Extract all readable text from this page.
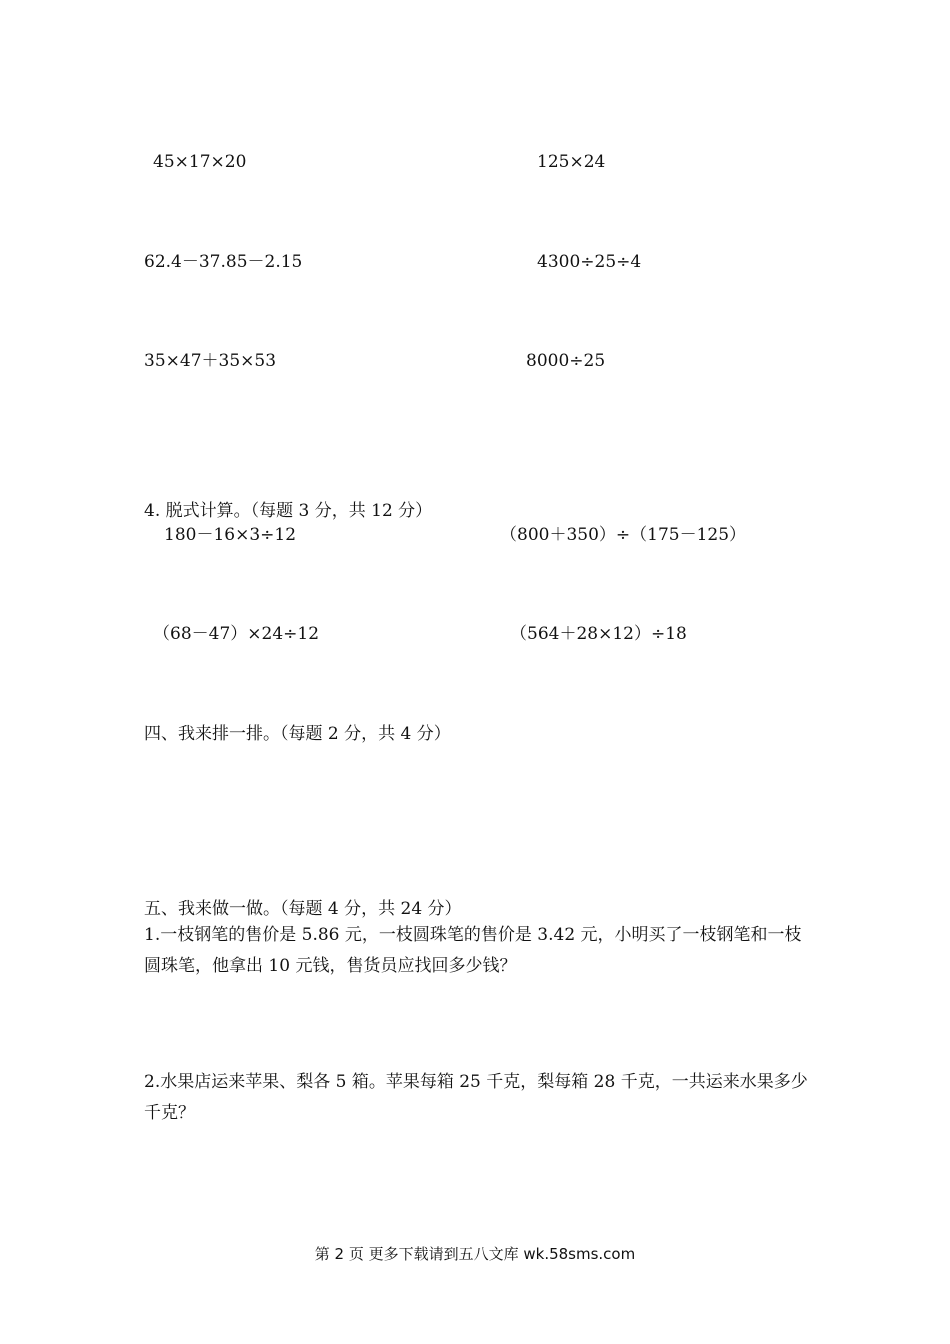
45×17×20	125×24

62.4－37.85－2.15	4300÷25÷4

35×47＋35×53	8000÷25

4. 脱式计算。（每题 3 分，共 12 分）

180－16×3÷12	（800＋350）÷（175－125）

（68－47）×24÷12	（564＋28×12）÷18

四、我来排一排。（每题 2 分，共 4 分）

五、我来做一做。（每题 4 分，共 24 分）

1.一枝钢笔的售价是 5.86 元，一枝圆珠笔的售价是 3.42 元，小明买了一枝钢笔和一枝圆珠笔，他拿出 10 元钱，售货员应找回多少钱？

2.水果店运来苹果、梨各 5 箱。苹果每箱 25 千克，梨每箱 28 千克，一共运来水果多少千克？

第 2 页 更多下载请到五八文库 wk.58sms.com
